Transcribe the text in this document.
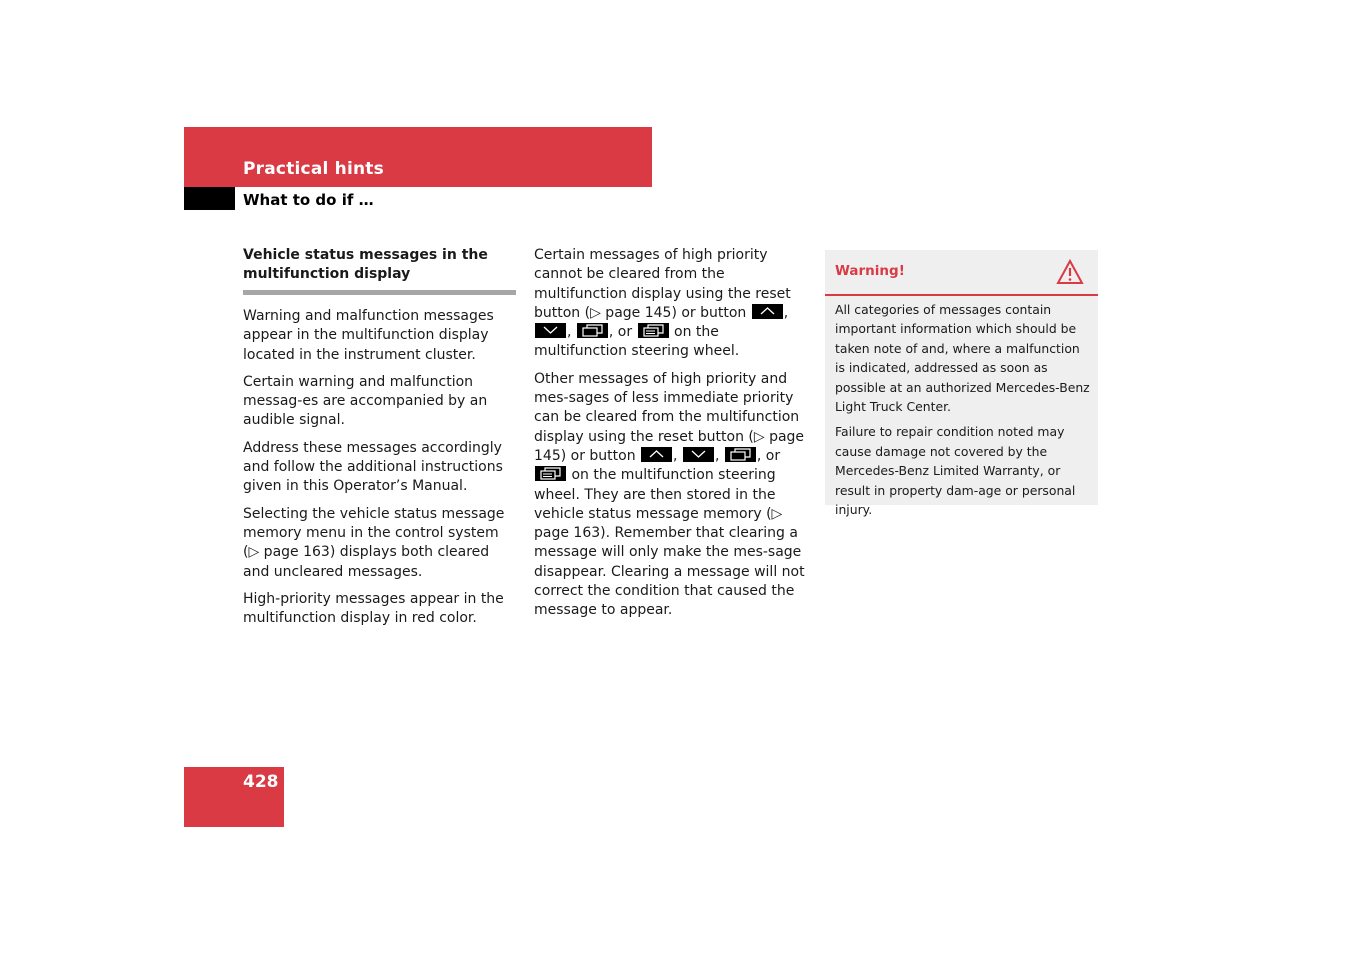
Practical hints
What to do if …
Vehicle status messages in the multifunction display

Warning and malfunction messages appear in the multifunction display located in the instrument cluster.

Certain warning and malfunction messag-es are accompanied by an audible signal.

Address these messages accordingly and follow the additional instructions given in this Operator’s Manual.

Selecting the vehicle status message memory menu in the control system (▷ page 163) displays both cleared and uncleared messages.

High-priority messages appear in the multifunction display in red color.

Certain messages of high priority cannot be cleared from the multifunction display using the reset button (▷ page 145) or button	,
,	, or	on the multifunction steering wheel.

Other messages of high priority and mes-sages of less immediate priority can be cleared from the multifunction display using the reset button (▷ page 145) or button	,	,	, or
on the multifunction steering wheel. They are then stored in the vehicle status message memory (▷ page 163). Remember that clearing a message will only make the mes-sage disappear. Clearing a message will not correct the condition that caused the message to appear.

Warning!

All categories of messages contain important information which should be taken note of and, where a malfunction is indicated, addressed as soon as possible at an authorized Mercedes-Benz Light Truck Center.

Failure to repair condition noted may cause damage not covered by the Mercedes-Benz Limited Warranty, or result in property dam-age or personal injury.

428
